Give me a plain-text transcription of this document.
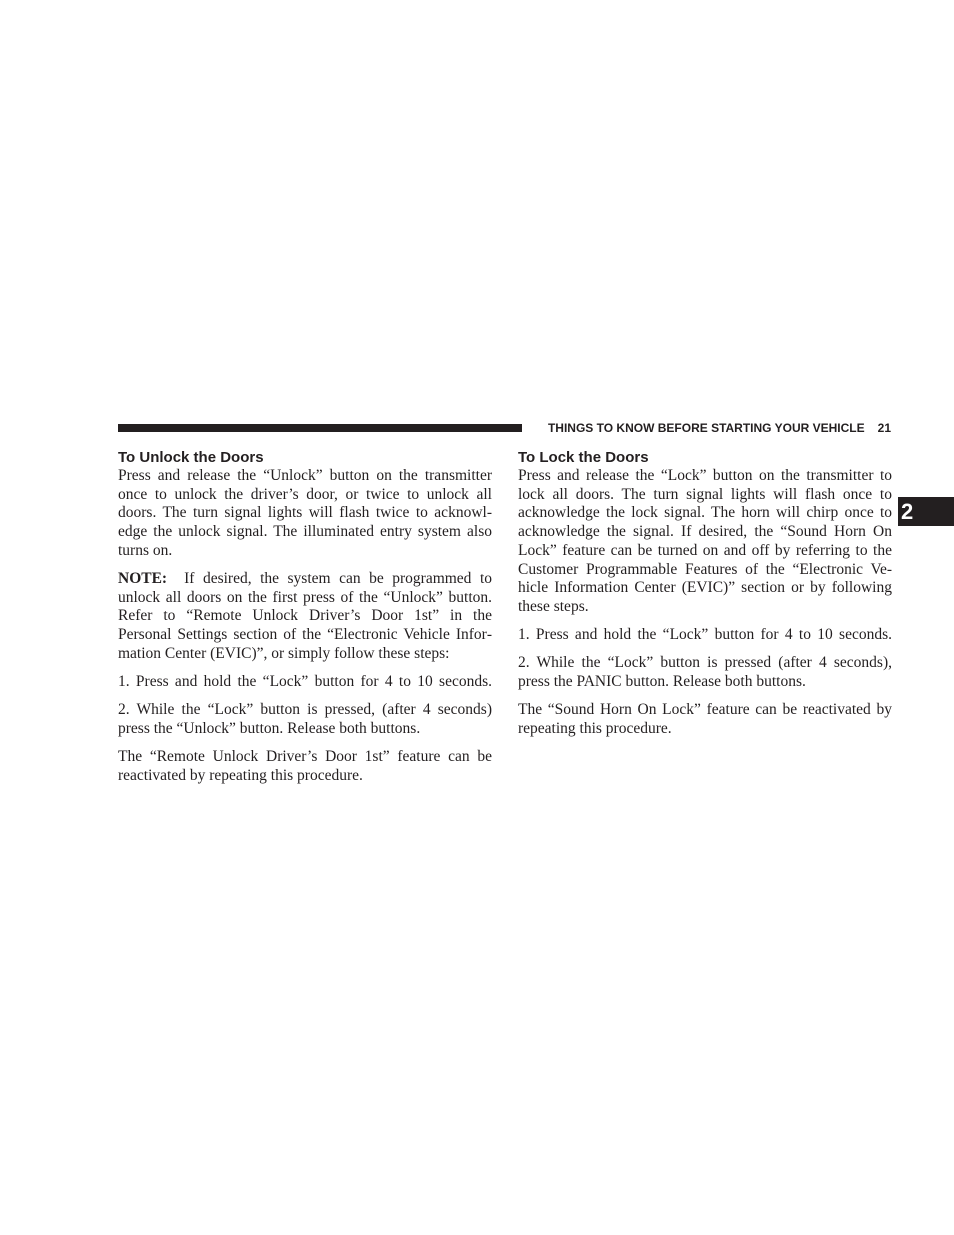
THINGS TO KNOW BEFORE STARTING YOUR VEHICLE 21
2
To Unlock the Doors

Press and release the “Unlock” button on the transmitter once to unlock the driver’s door, or twice to unlock all doors. The turn signal lights will flash twice to acknowledge the unlock signal. The illuminated entry system also turns on.

NOTE: If desired, the system can be programmed to unlock all doors on the first press of the “Unlock” button. Refer to “Remote Unlock Driver’s Door 1st” in the Personal Settings section of the “Electronic Vehicle Information Center (EVIC)”, or simply follow these steps:

1. Press and hold the “Lock” button for 4 to 10 seconds.

2. While the “Lock” button is pressed, (after 4 seconds) press the “Unlock” button. Release both buttons.

The “Remote Unlock Driver’s Door 1st” feature can be reactivated by repeating this procedure.

To Lock the Doors

Press and release the “Lock” button on the transmitter to lock all doors. The turn signal lights will flash once to acknowledge the lock signal. The horn will chirp once to acknowledge the signal. If desired, the “Sound Horn On Lock” feature can be turned on and off by referring to the Customer Programmable Features of the “Electronic Vehicle Information Center (EVIC)” section or by following these steps.

1. Press and hold the “Lock” button for 4 to 10 seconds.

2. While the “Lock” button is pressed (after 4 seconds), press the PANIC button. Release both buttons.

The “Sound Horn On Lock” feature can be reactivated by repeating this procedure.
